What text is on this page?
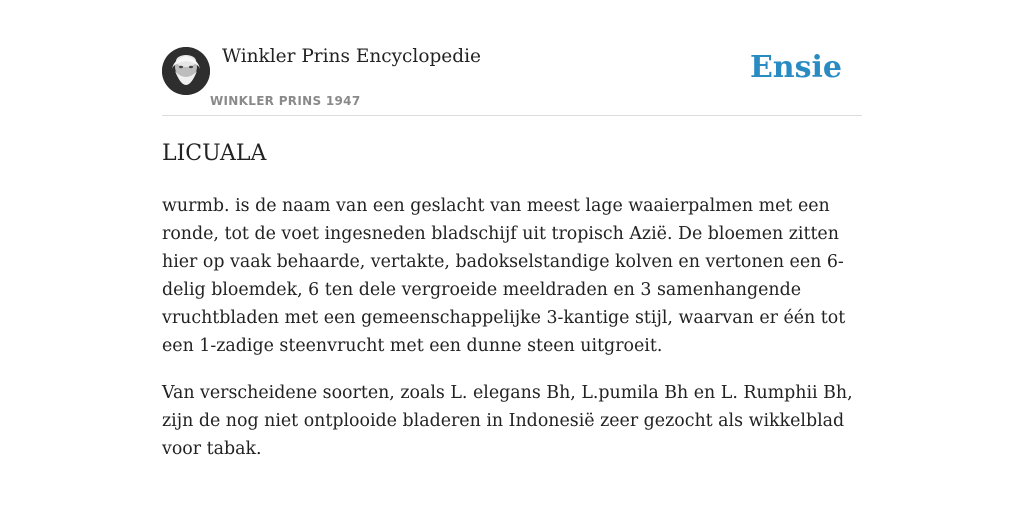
Winkler Prins Encyclopedie
WINKLER PRINS 1947
Ensie
LICUALA

wurmb. is de naam van een geslacht van meest lage waaierpalmen met een ronde, tot de voet ingesneden bladschijf uit tropisch Azië. De bloemen zitten hier op vaak behaarde, vertakte, badokselstandige kolven en vertonen een 6-delig bloemdek, 6 ten dele vergroeide meeldraden en 3 samenhangende vruchtbladen met een gemeenschappelijke 3-kantige stijl, waarvan er één tot een 1-zadige steenvrucht met een dunne steen uitgroeit.

Van verscheidene soorten, zoals L. elegans Bh, L.pumila Bh en L. Rumphii Bh, zijn de nog niet ontplooide bladeren in Indonesië zeer gezocht als wikkelblad voor tabak.
